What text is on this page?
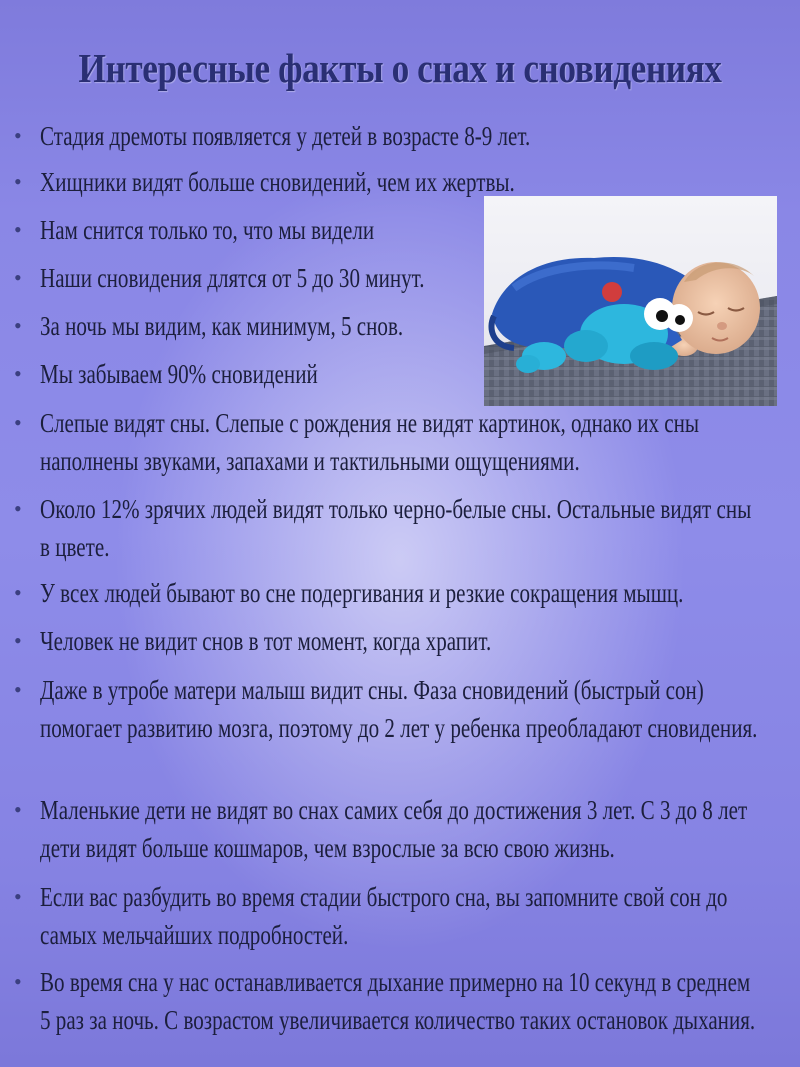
Интересные факты о снах и сновидениях
• Стадия дремоты появляется у детей в возрасте 8-9 лет.
• Хищники видят больше сновидений, чем их жертвы.
• Нам снится только то, что мы видели
• Наши сновидения длятся от 5 до 30 минут.
• За ночь мы видим, как минимум, 5 снов.
• Мы забываем 90% сновидений
• Слепые видят сны. Слепые с рождения не видят картинок, однако их сны наполнены звуками, запахами и тактильными ощущениями.
• Около 12% зрячих людей видят только черно-белые сны. Остальные видят сны в цвете.
• У всех людей бывают во сне подергивания и резкие сокращения мышц.
• Человек не видит снов в тот момент, когда храпит.
• Даже в утробе матери малыш видит сны. Фаза сновидений (быстрый сон) помогает развитию мозга, поэтому до 2 лет у ребенка преобладают сновидения.
• Маленькие дети не видят во снах самих себя до достижения 3 лет. С 3 до 8 лет дети видят больше кошмаров, чем взрослые за всю свою жизнь.
• Если вас разбудить во время стадии быстрого сна, вы запомните свой сон до самых мельчайших подробностей.
• Во время сна у нас останавливается дыхание примерно на 10 секунд в среднем 5 раз за ночь. С возрастом увеличивается количество таких остановок дыхания.
